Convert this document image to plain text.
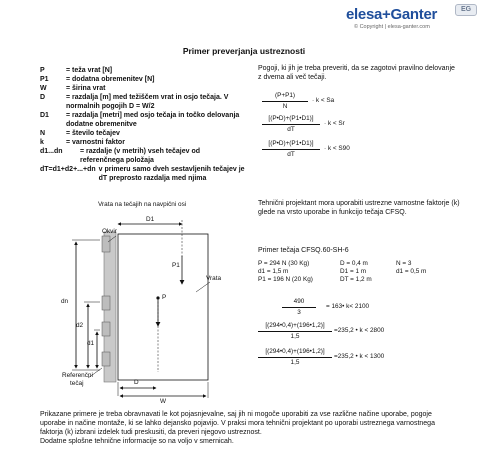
elesa+Ganter
© Copyright | elesa-ganter.com
EG
Primer preverjanja ustreznosti
P	= teža vrat [N]
P1	= dodatna obremenitev [N]
W	= širina vrat
D	= razdalja [m] med težiščem vrat in osjo tečaja. V normalnih pogojih D = W/2
D1	= razdalja [metri] med osjo tečaja in točko delovanja dodatne obremenitve
N	= število tečajev
k	= varnostni faktor
d1...dn	= razdalje (v metrih) vseh tečajev od referenčnega položaja
dT=d1+d2+...+dn v primeru samo dveh sestavljenih tečajev je dT preprosto razdalja med njima
Pogoji, ki jih je treba preveriti, da se zagotovi pravilno delovanje z dvema ali več tečaji.
$\frac{(P+P1)}{N} \cdot k < Sa$
$\frac{[(P•D)+(P1•D1)]}{dT} \cdot k < Sr$
$\frac{[(P•D)+(P1•D1)]}{dT} \cdot k < S90$
Vrata na tečajih na navpični osi
Okvir
D1
P1
Vrata
P
dn
d2
d1
Referenčni
tečaj	D
W
Tehnični projektant mora uporabiti ustrezne varnostne faktorje (k) glede na vrsto uporabe in funkcijo tečaja CFSQ.
Primer tečaja CFSQ.60-SH-6
P = 294 N (30 Kg)	D = 0,4 m	N = 3
d1 = 1,5 m	D1 = 1 m	d1 = 0,5 m
P1 = 196 N (20 Kg)	DT = 1,2 m
$\frac{490}{3}$ = 163• k< 2100
$\frac{[(294•0,4)+(196•1,2)]}{1,5} =235,2$ • k < 2800
$\frac{[(294•0,4)+(196•1,2)]}{1,5} =235,2$ • k < 1300
Prikazane primere je treba obravnavati le kot pojasnjevalne, saj jih ni mogoče uporabiti za vse različne načine uporabe, pogoje
uporabe in načine montaže, ki se lahko dejansko pojavijo. V praksi mora tehnični projektant po uporabi ustreznega varnostnega
faktorja (k) izbrani izdelek tudi preskusiti, da preveri njegovo ustreznost.
Dodatne splošne tehnične informacije so na voljo v smernicah.
